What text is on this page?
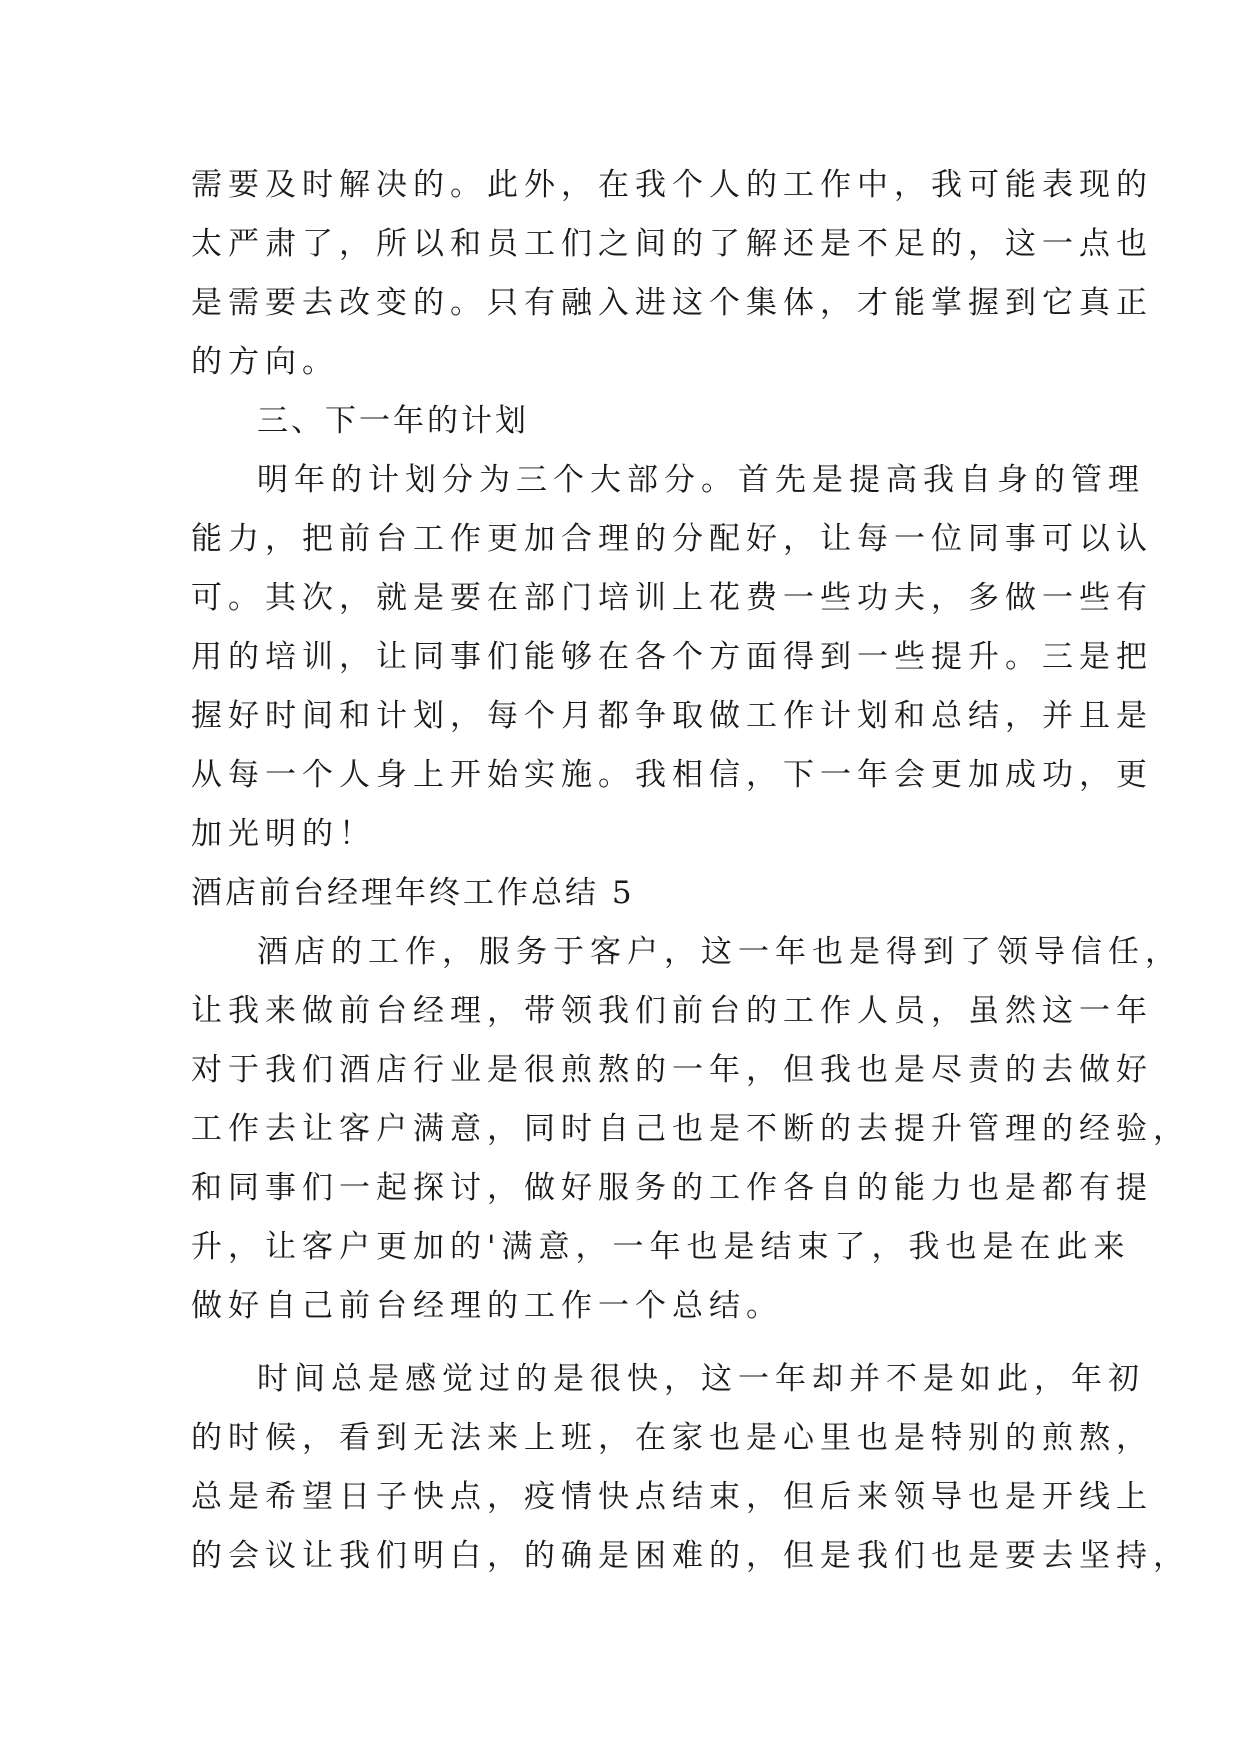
需要及时解决的。此外，在我个人的工作中，我可能表现的
太严肃了，所以和员工们之间的了解还是不足的，这一点也
是需要去改变的。只有融入进这个集体，才能掌握到它真正
的方向。
三、下一年的计划
明年的计划分为三个大部分。首先是提高我自身的管理
能力，把前台工作更加合理的分配好，让每一位同事可以认
可。其次，就是要在部门培训上花费一些功夫，多做一些有
用的培训，让同事们能够在各个方面得到一些提升。三是把
握好时间和计划，每个月都争取做工作计划和总结，并且是
从每一个人身上开始实施。我相信，下一年会更加成功，更
加光明的！
酒店前台经理年终工作总结 5
酒店的工作，服务于客户，这一年也是得到了领导信任，
让我来做前台经理，带领我们前台的工作人员，虽然这一年
对于我们酒店行业是很煎熬的一年，但我也是尽责的去做好
工作去让客户满意，同时自己也是不断的去提升管理的经验，
和同事们一起探讨，做好服务的工作各自的能力也是都有提
升，让客户更加的'满意，一年也是结束了，我也是在此来
做好自己前台经理的工作一个总结。
时间总是感觉过的是很快，这一年却并不是如此，年初
的时候，看到无法来上班，在家也是心里也是特别的煎熬，
总是希望日子快点，疫情快点结束，但后来领导也是开线上
的会议让我们明白，的确是困难的，但是我们也是要去坚持，
